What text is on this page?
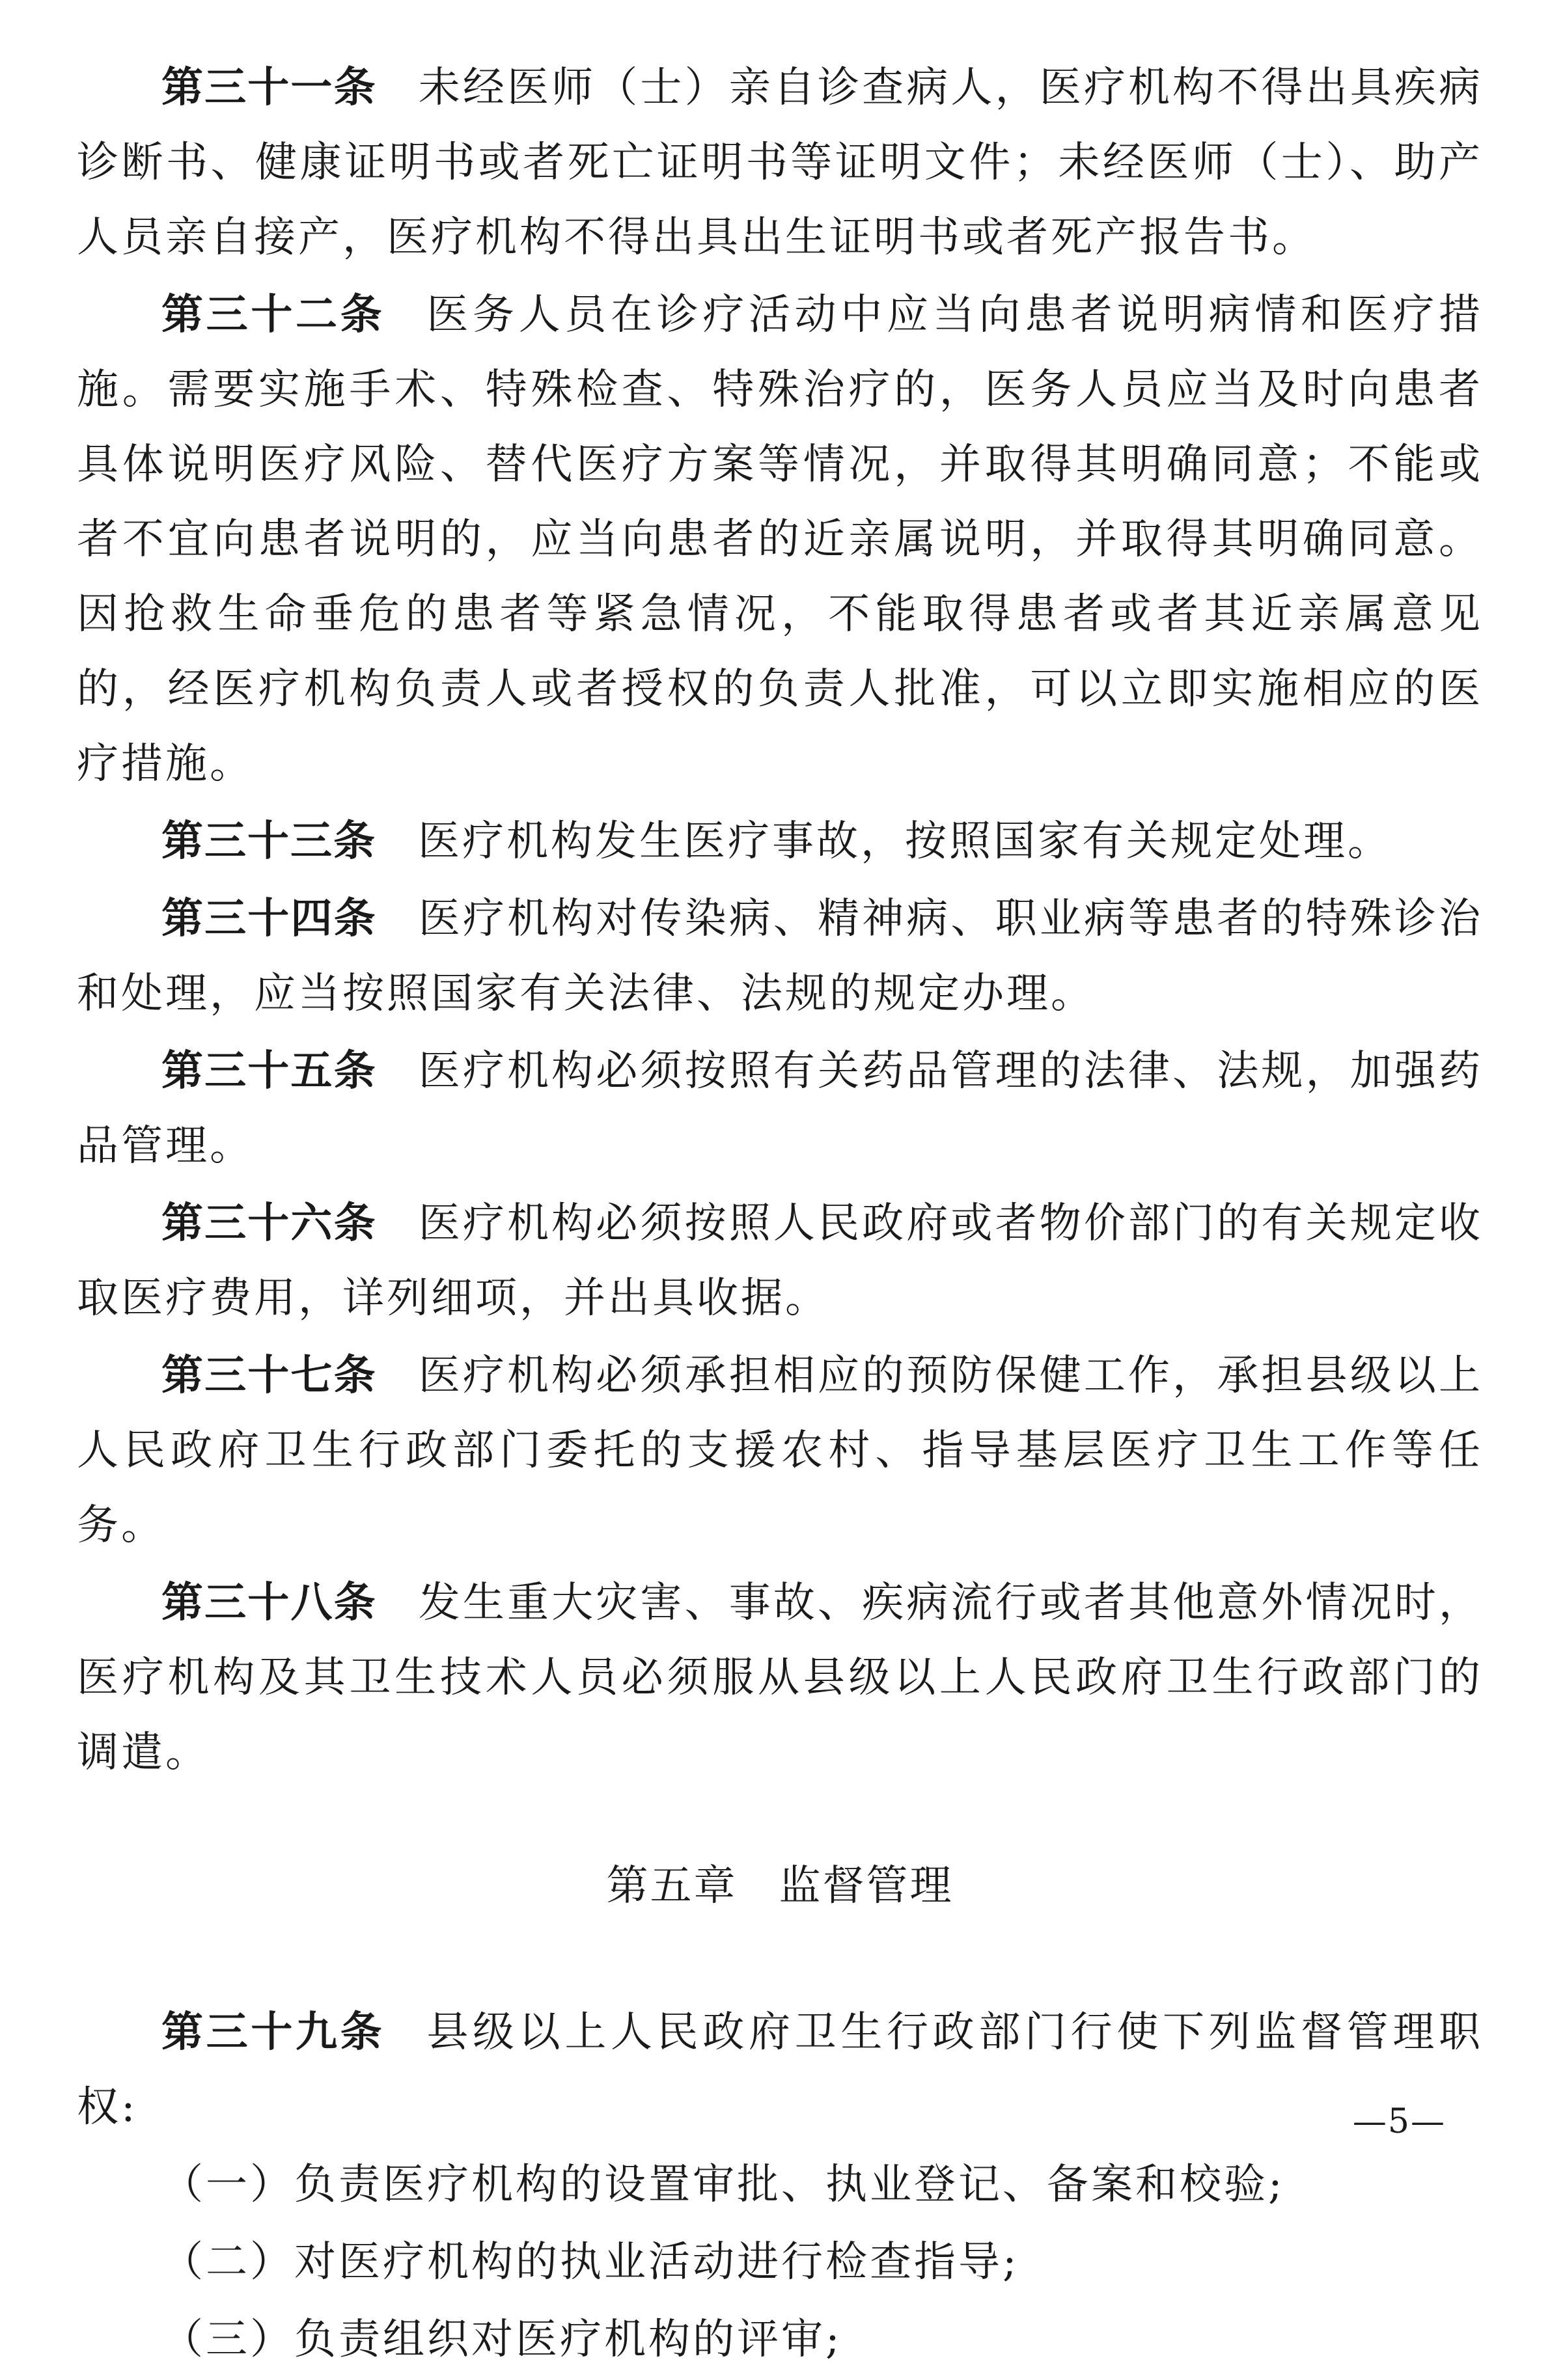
第三十一条 未经医师（士）亲自诊查病人，医疗机构不得出具疾病诊断书、健康证明书或者死亡证明书等证明文件；未经医师（士）、助产人员亲自接产，医疗机构不得出具出生证明书或者死产报告书。

第三十二条 医务人员在诊疗活动中应当向患者说明病情和医疗措施。需要实施手术、特殊检查、特殊治疗的，医务人员应当及时向患者具体说明医疗风险、替代医疗方案等情况，并取得其明确同意；不能或者不宜向患者说明的，应当向患者的近亲属说明，并取得其明确同意。因抢救生命垂危的患者等紧急情况，不能取得患者或者其近亲属意见的，经医疗机构负责人或者授权的负责人批准，可以立即实施相应的医疗措施。

第三十三条 医疗机构发生医疗事故，按照国家有关规定处理。

第三十四条 医疗机构对传染病、精神病、职业病等患者的特殊诊治和处理，应当按照国家有关法律、法规的规定办理。

第三十五条 医疗机构必须按照有关药品管理的法律、法规，加强药品管理。

第三十六条 医疗机构必须按照人民政府或者物价部门的有关规定收取医疗费用，详列细项，并出具收据。

第三十七条 医疗机构必须承担相应的预防保健工作，承担县级以上人民政府卫生行政部门委托的支援农村、指导基层医疗卫生工作等任务。

第三十八条 发生重大灾害、事故、疾病流行或者其他意外情况时，医疗机构及其卫生技术人员必须服从县级以上人民政府卫生行政部门的调遣。

第五章 监督管理

第三十九条 县级以上人民政府卫生行政部门行使下列监督管理职权:

（一）负责医疗机构的设置审批、执业登记、备案和校验;

（二）对医疗机构的执业活动进行检查指导;

（三）负责组织对医疗机构的评审;

—5—
